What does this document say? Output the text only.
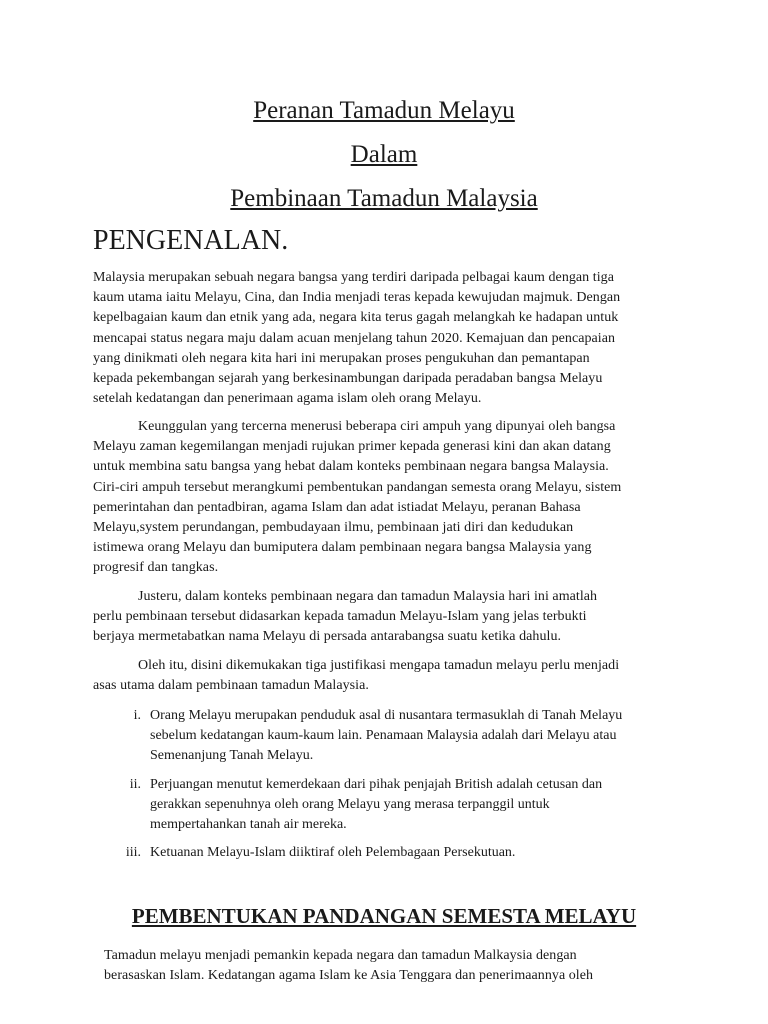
Peranan Tamadun Melayu
Dalam
Pembinaan Tamadun Malaysia
PENGENALAN.

Malaysia merupakan sebuah negara bangsa yang terdiri daripada pelbagai kaum dengan tiga
kaum utama iaitu Melayu, Cina, dan India menjadi teras kepada kewujudan majmuk. Dengan
kepelbagaian kaum dan etnik yang ada, negara kita terus gagah melangkah ke hadapan untuk
mencapai status negara maju dalam acuan menjelang tahun 2020. Kemajuan dan pencapaian
yang dinikmati oleh negara kita hari ini merupakan proses pengukuhan dan pemantapan
kepada pekembangan sejarah yang berkesinambungan daripada peradaban bangsa Melayu
setelah kedatangan dan penerimaan agama islam oleh orang Melayu.

Keunggulan yang tercerna menerusi beberapa ciri ampuh yang dipunyai oleh bangsa
Melayu zaman kegemilangan menjadi rujukan primer kepada generasi kini dan akan datang
untuk membina satu bangsa yang hebat dalam konteks pembinaan negara bangsa Malaysia.
Ciri-ciri ampuh tersebut merangkumi pembentukan pandangan semesta orang Melayu, sistem
pemerintahan dan pentadbiran, agama Islam dan adat istiadat Melayu, peranan Bahasa
Melayu,system perundangan, pembudayaan ilmu, pembinaan jati diri dan kedudukan
istimewa orang Melayu dan bumiputera dalam pembinaan negara bangsa Malaysia yang
progresif dan tangkas.

Justeru, dalam konteks pembinaan negara dan tamadun Malaysia hari ini amatlah
perlu pembinaan tersebut didasarkan kepada tamadun Melayu-Islam yang jelas terbukti
berjaya mermetabatkan nama Melayu di persada antarabangsa suatu ketika dahulu.

Oleh itu, disini dikemukakan tiga justifikasi mengapa tamadun melayu perlu menjadi
asas utama dalam pembinaan tamadun Malaysia.

i. Orang Melayu merupakan penduduk asal di nusantara termasuklah di Tanah Melayu
sebelum kedatangan kaum-kaum lain. Penamaan Malaysia adalah dari Melayu atau
Semenanjung Tanah Melayu.
ii. Perjuangan menutut kemerdekaan dari pihak penjajah British adalah cetusan dan
gerakkan sepenuhnya oleh orang Melayu yang merasa terpanggil untuk
mempertahankan tanah air mereka.
iii. Ketuanan Melayu-Islam diiktiraf oleh Pelembagaan Persekutuan.
PEMBENTUKAN PANDANGAN SEMESTA MELAYU

Tamadun melayu menjadi pemankin kepada negara dan tamadun Malkaysia dengan
berasaskan Islam. Kedatangan agama Islam ke Asia Tenggara dan penerimaannya oleh
